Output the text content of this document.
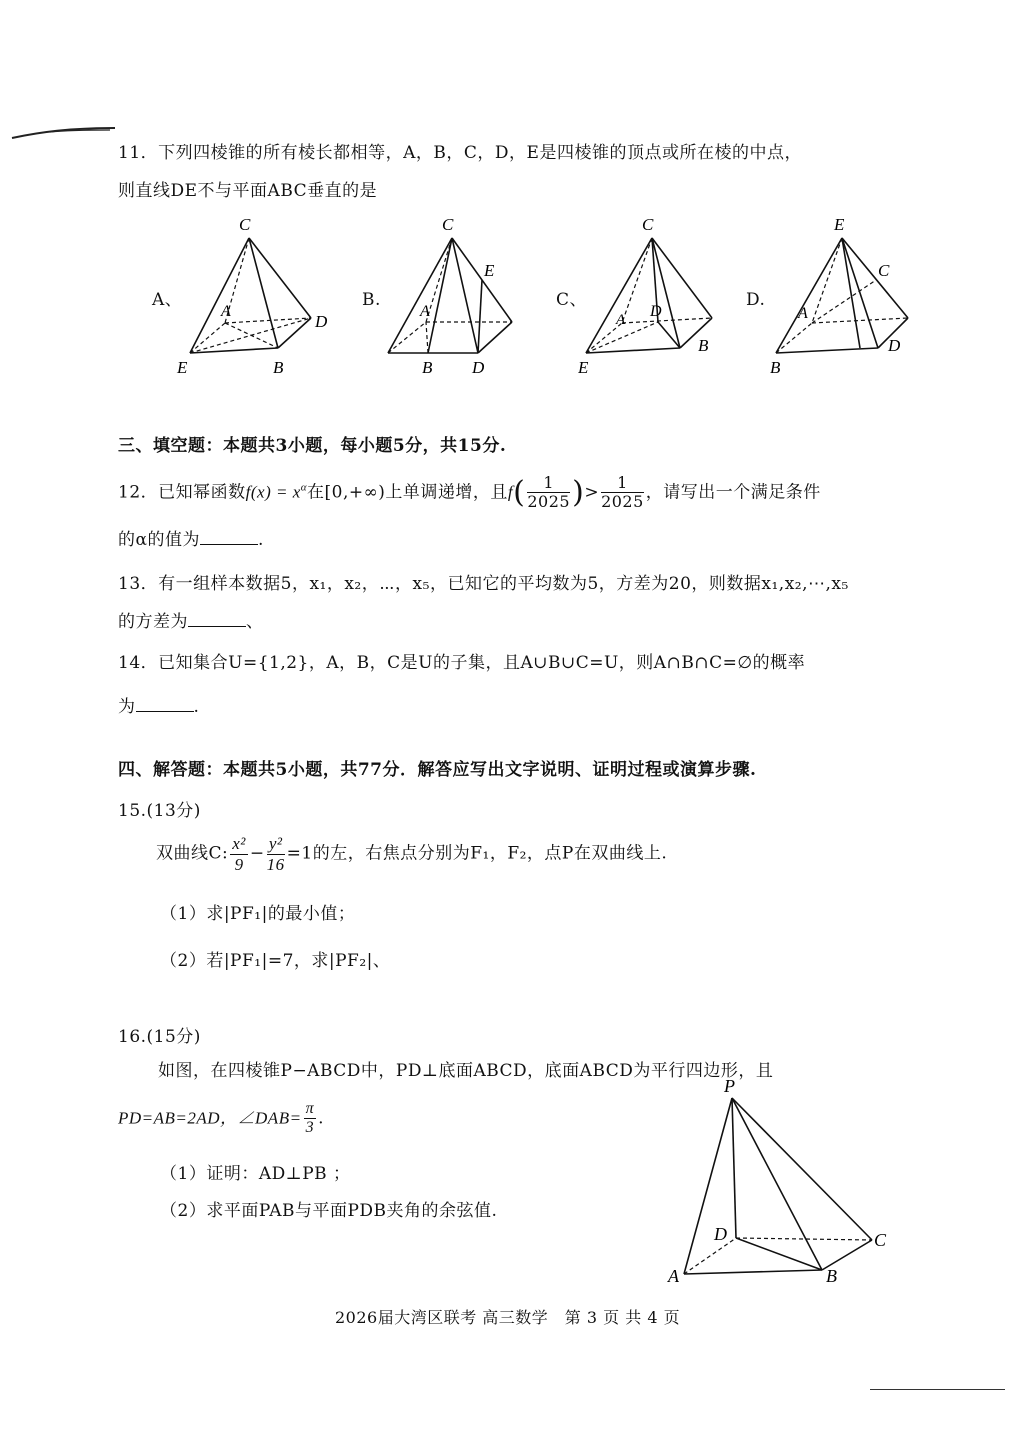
11．下列四棱锥的所有棱长都相等，A，B，C，D，E是四棱锥的顶点或所在棱的中点，
则直线DE不与平面ABC垂直的是
A、
C
A
D
E	B
B.
C
E
A
B D
C、
C
A D
E
B
D.
E
C
A
B
D
三、填空题：本题共3小题，每小题5分，共15分.
12．已知幂函数$f(x) = x^\alpha$在[0,+∞)上单调递增，且$f( \frac{1}{2025}$ )> $\frac{1}{2025}$ ，请写出一个满足条件
的α的值为	.
13．有一组样本数据5，x₁，x₂，⋯，x₅，已知它的平均数为5，方差为20，则数据x₁,x₂,⋯,x₅
的方差为	、
14．已知集合U={1,2}，A，B，C是U的子集，且A∪B∪C=U，则A∩B∩C=∅的概率
为	.
四、解答题：本题共5小题，共77分．解答应写出文字说明、证明过程或演算步骤.
15.(13分)
双曲线C: $\frac{\text{x²}}{9} - \frac{\text{y²}}{16} =1$的左，右焦点分别为F₁，F₂，点P在双曲线上.
（1）求|PF₁|的最小值；
（2）若|PF₁|=7，求|PF₂|、
16.(15分)
如图，在四棱锥P−ABCD中，PD⊥底面ABCD，底面ABCD为平行四边形，且
PD=AB=2AD，∠DAB= $\frac{\pi}{3}$ .
（1）证明：AD⊥PB ；
（2）求平面PAB与平面PDB夹角的余弦值.
P
D	C
A	B
2026届大湾区联考 高三数学　第 3 页 共 4 页
